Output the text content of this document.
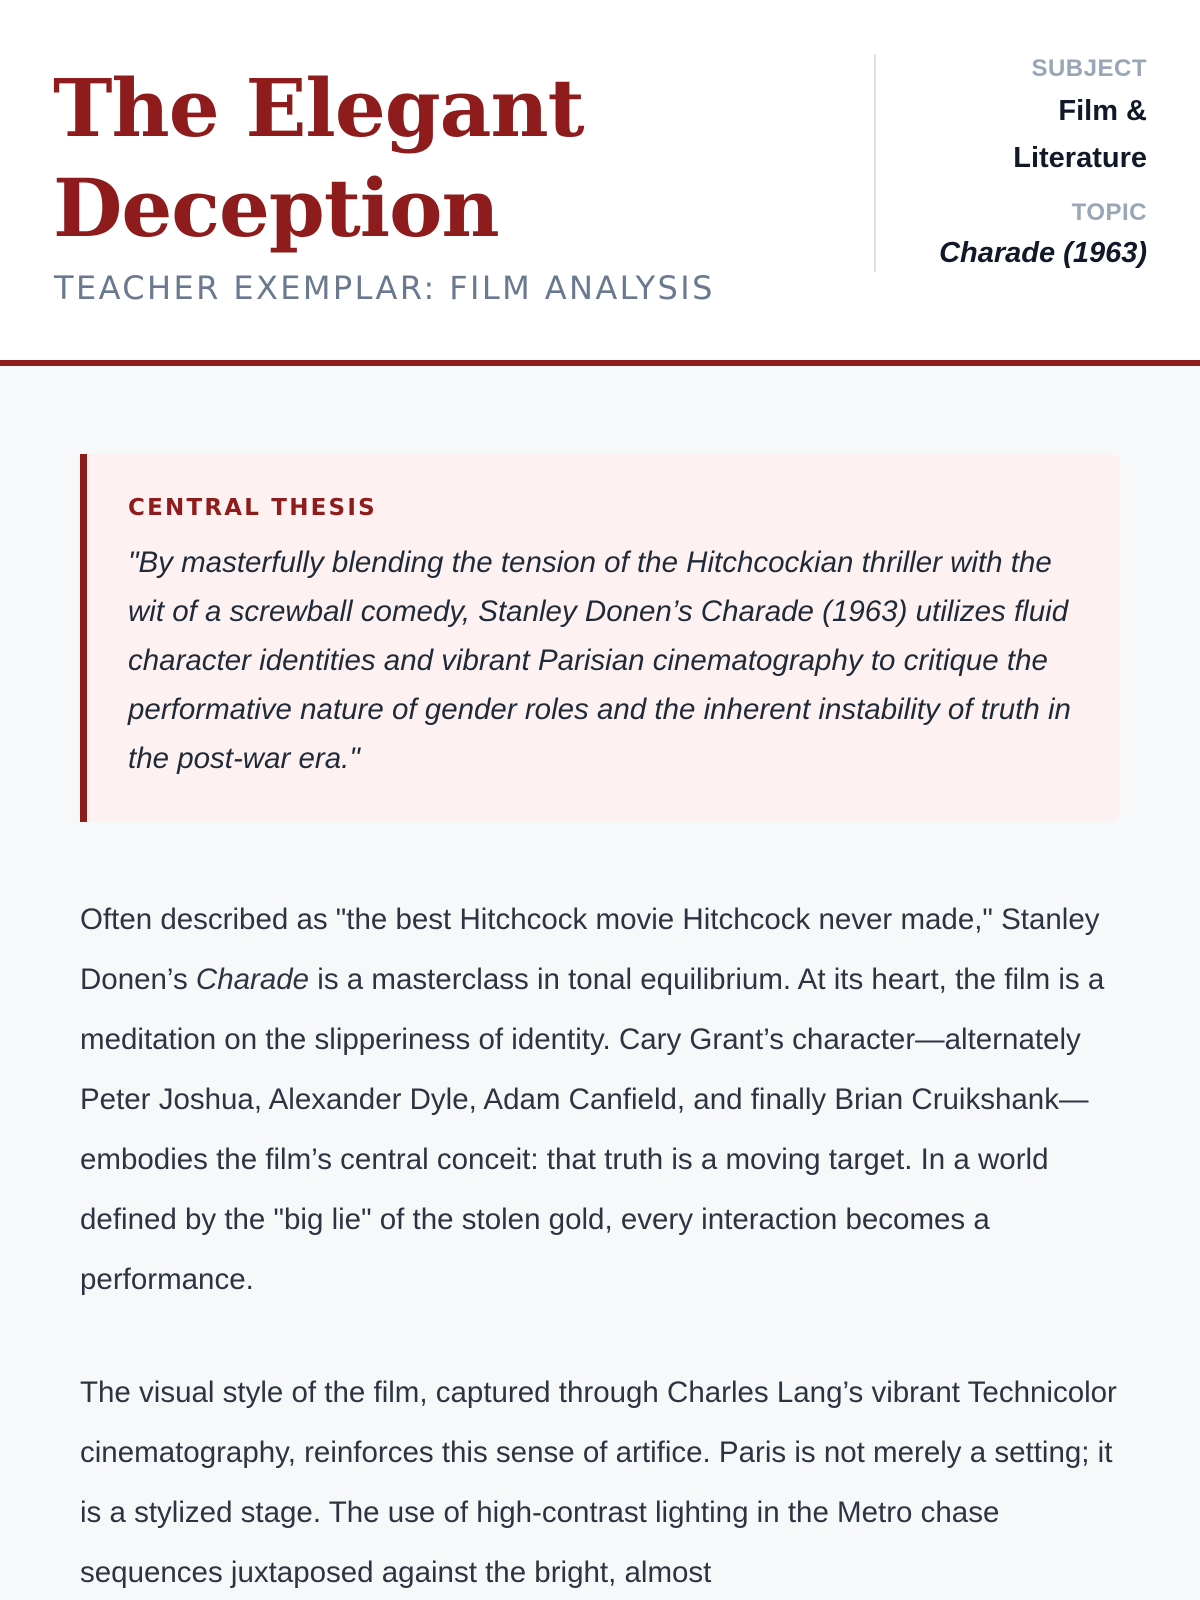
The Elegant
Deception
TEACHER EXEMPLAR: FILM ANALYSIS
SUBJECT
Film & Literature
TOPIC
Charade (1963)
CENTRAL THESIS

"By masterfully blending the tension of the Hitchcockian thriller with the wit of a screwball comedy, Stanley Donen’s Charade (1963) utilizes fluid character identities and vibrant Parisian cinematography to critique the performative nature of gender roles and the inherent instability of truth in the post-war era."

Often described as "the best Hitchcock movie Hitchcock never made," Stanley Donen’s Charade is a masterclass in tonal equilibrium. At its heart, the film is a meditation on the slipperiness of identity. Cary Grant’s character—alternately Peter Joshua, Alexander Dyle, Adam Canfield, and finally Brian Cruikshank—embodies the film’s central conceit: that truth is a moving target. In a world defined by the "big lie" of the stolen gold, every interaction becomes a performance.

The visual style of the film, captured through Charles Lang’s vibrant Technicolor cinematography, reinforces this sense of artifice. Paris is not merely a setting; it is a stylized stage. The use of high-contrast lighting in the Metro chase sequences juxtaposed against the bright, almost
